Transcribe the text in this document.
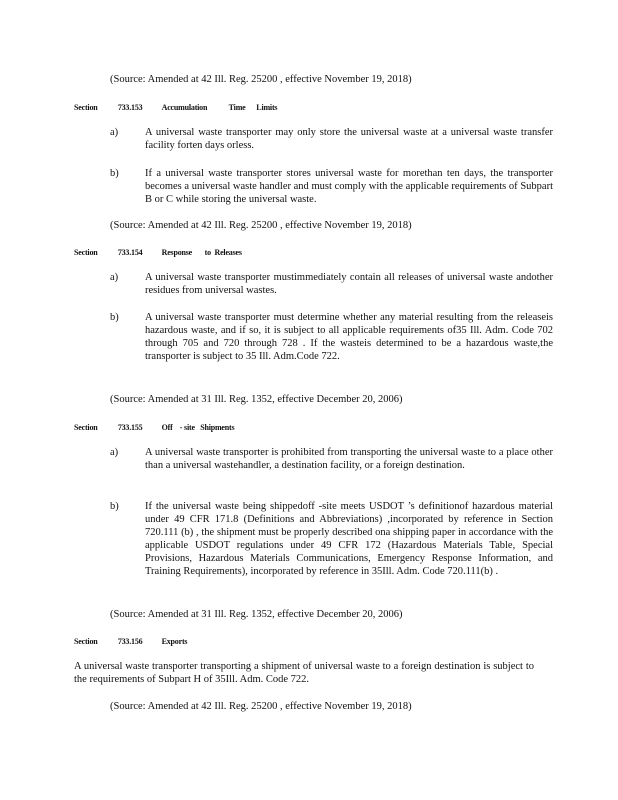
(Source: Amended at 42 Ill. Reg. 25200 , effective November 19, 2018)
Section	733.153 Accumulation            Time      Limits
a)	A universal waste transporter may only store the universal waste at a universal waste transfer facility forten days orless.
b)	If a universal waste transporter stores universal waste for morethan ten days, the transporter becomes a universal waste handler and must comply with the applicable requirements of Subpart B or C while storing the universal waste.
(Source: Amended at 42 Ill. Reg. 25200 , effective November 19, 2018)
Section	733.154 Response       to  Releases
a)	A universal waste transporter mustimmediately contain all releases of universal waste andother residues from universal wastes.
b)	A universal waste transporter must determine whether any material resulting from the releaseis hazardous waste, and if so, it is subject to all applicable requirements of35 Ill. Adm. Code 702 through 705 and 720 through 728 . If the wasteis determined to be a hazardous waste,the transporter is subject to 35 Ill. Adm.Code 722.
(Source: Amended at 31 Ill. Reg. 1352, effective December 20, 2006)
Section	733.155 Off    - site   Shipments
a)	A universal waste transporter is prohibited from transporting the universal waste to a place other than a universal wastehandler, a destination facility, or a foreign destination.
b)	If the universal waste being shippedoff -site meets USDOT ’s definitionof hazardous material under 49 CFR 171.8 (Definitions and Abbreviations) ,incorporated by reference in Section 720.111 (b) , the shipment must be properly described ona shipping paper in accordance with the applicable USDOT regulations under 49 CFR 172 (Hazardous Materials Table, Special Provisions, Hazardous Materials Communications, Emergency Response Information, and Training Requirements), incorporated by reference in 35Ill. Adm. Code 720.111(b) .
(Source: Amended at 31 Ill. Reg. 1352, effective December 20, 2006)
Section	733.156 Exports
A universal waste transporter transporting a shipment of universal waste to a foreign destination is subject to the requirements of Subpart H of 35Ill. Adm. Code 722.
(Source: Amended at 42 Ill. Reg. 25200 , effective November 19, 2018)
